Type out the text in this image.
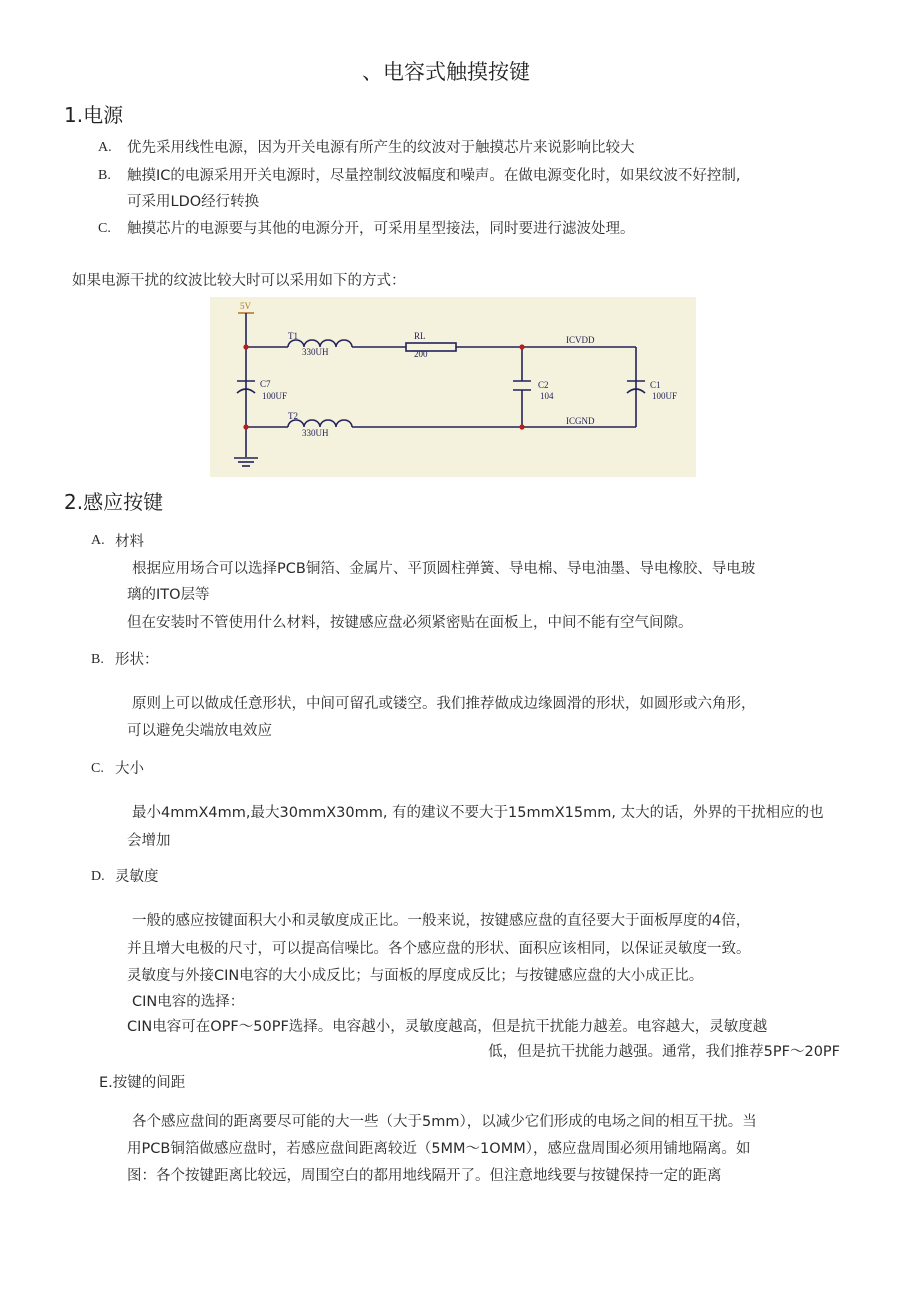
、电容式触摸按键
1.电源
A. 优先采用线性电源，因为开关电源有所产生的纹波对于触摸芯片来说影响比较大
B. 触摸IC的电源采用开关电源时，尽量控制纹波幅度和噪声。在做电源变化时，如果纹波不好控制,
可采用LDO经行转换
C. 触摸芯片的电源要与其他的电源分开，可采用星型接法，同时要进行滤波处理。
如果电源干扰的纹波比较大时可以采用如下的方式：
5V
T1
330UH
RL
200
C7
100UF
T2
330UH
ICVDD
ICGND
C2
104
C1
100UF
2.感应按键
A. 材料
根据应用场合可以选择PCB铜箔、金属片、平顶圆柱弹簧、导电棉、导电油墨、导电橡胶、导电玻
璃的ITO层等
但在安装时不管使用什么材料，按键感应盘必须紧密贴在面板上，中间不能有空气间隙。
B. 形状：
原则上可以做成任意形状，中间可留孔或镂空。我们推荐做成边缘圆滑的形状，如圆形或六角形，
可以避免尖端放电效应
C. 大小
最小4mmX4mm,最大30mmX30mm, 有的建议不要大于15mmX15mm, 太大的话，外界的干扰相应的也
会增加
D. 灵敏度
一般的感应按键面积大小和灵敏度成正比。一般来说，按键感应盘的直径要大于面板厚度的4倍，
并且增大电极的尺寸，可以提高信噪比。各个感应盘的形状、面积应该相同，以保证灵敏度一致。
灵敏度与外接CIN电容的大小成反比；与面板的厚度成反比；与按键感应盘的大小成正比。
CIN电容的选择：
CIN电容可在OPF～50PF选择。电容越小，灵敏度越高，但是抗干扰能力越差。电容越大，灵敏度越
低，但是抗干扰能力越强。通常，我们推荐5PF～20PF
E.按键的间距
各个感应盘间的距离要尽可能的大一些（大于5mm），以减少它们形成的电场之间的相互干扰。当
用PCB铜箔做感应盘时，若感应盘间距离较近（5MM～1OMM），感应盘周围必须用铺地隔离。如
图：各个按键距离比较远，周围空白的都用地线隔开了。但注意地线要与按键保持一定的距离
